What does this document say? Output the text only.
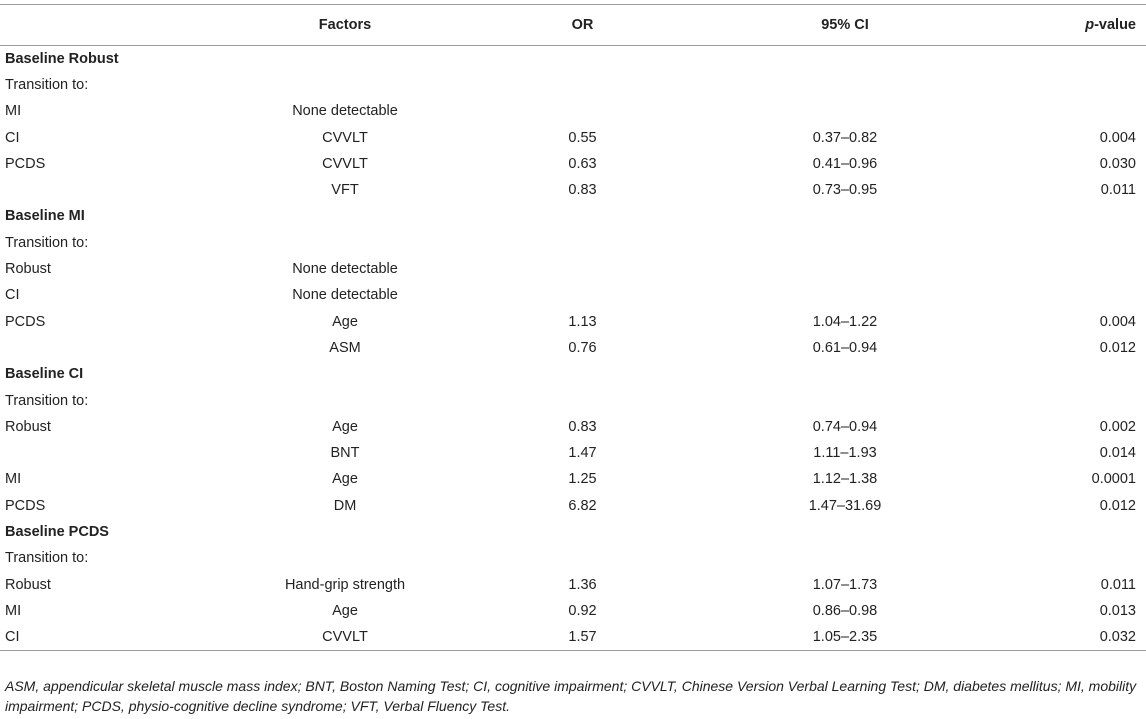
	Factors	OR	95% CI	p-value
Baseline Robust				
Transition to:				
MI	None detectable			
CI	CVVLT	0.55	0.37–0.82	0.004
PCDS	CVVLT	0.63	0.41–0.96	0.030
	VFT	0.83	0.73–0.95	0.011
Baseline MI				
Transition to:				
Robust	None detectable			
CI	None detectable			
PCDS	Age	1.13	1.04–1.22	0.004
	ASM	0.76	0.61–0.94	0.012
Baseline CI				
Transition to:				
Robust	Age	0.83	0.74–0.94	0.002
	BNT	1.47	1.11–1.93	0.014
MI	Age	1.25	1.12–1.38	0.0001
PCDS	DM	6.82	1.47–31.69	0.012
Baseline PCDS				
Transition to:				
Robust	Hand-grip strength	1.36	1.07–1.73	0.011
MI	Age	0.92	0.86–0.98	0.013
CI	CVVLT	1.57	1.05–2.35	0.032
ASM, appendicular skeletal muscle mass index; BNT, Boston Naming Test; CI, cognitive impairment; CVVLT, Chinese Version Verbal Learning Test; DM, diabetes mellitus; MI, mobility impairment; PCDS, physio-cognitive decline syndrome; VFT, Verbal Fluency Test.
